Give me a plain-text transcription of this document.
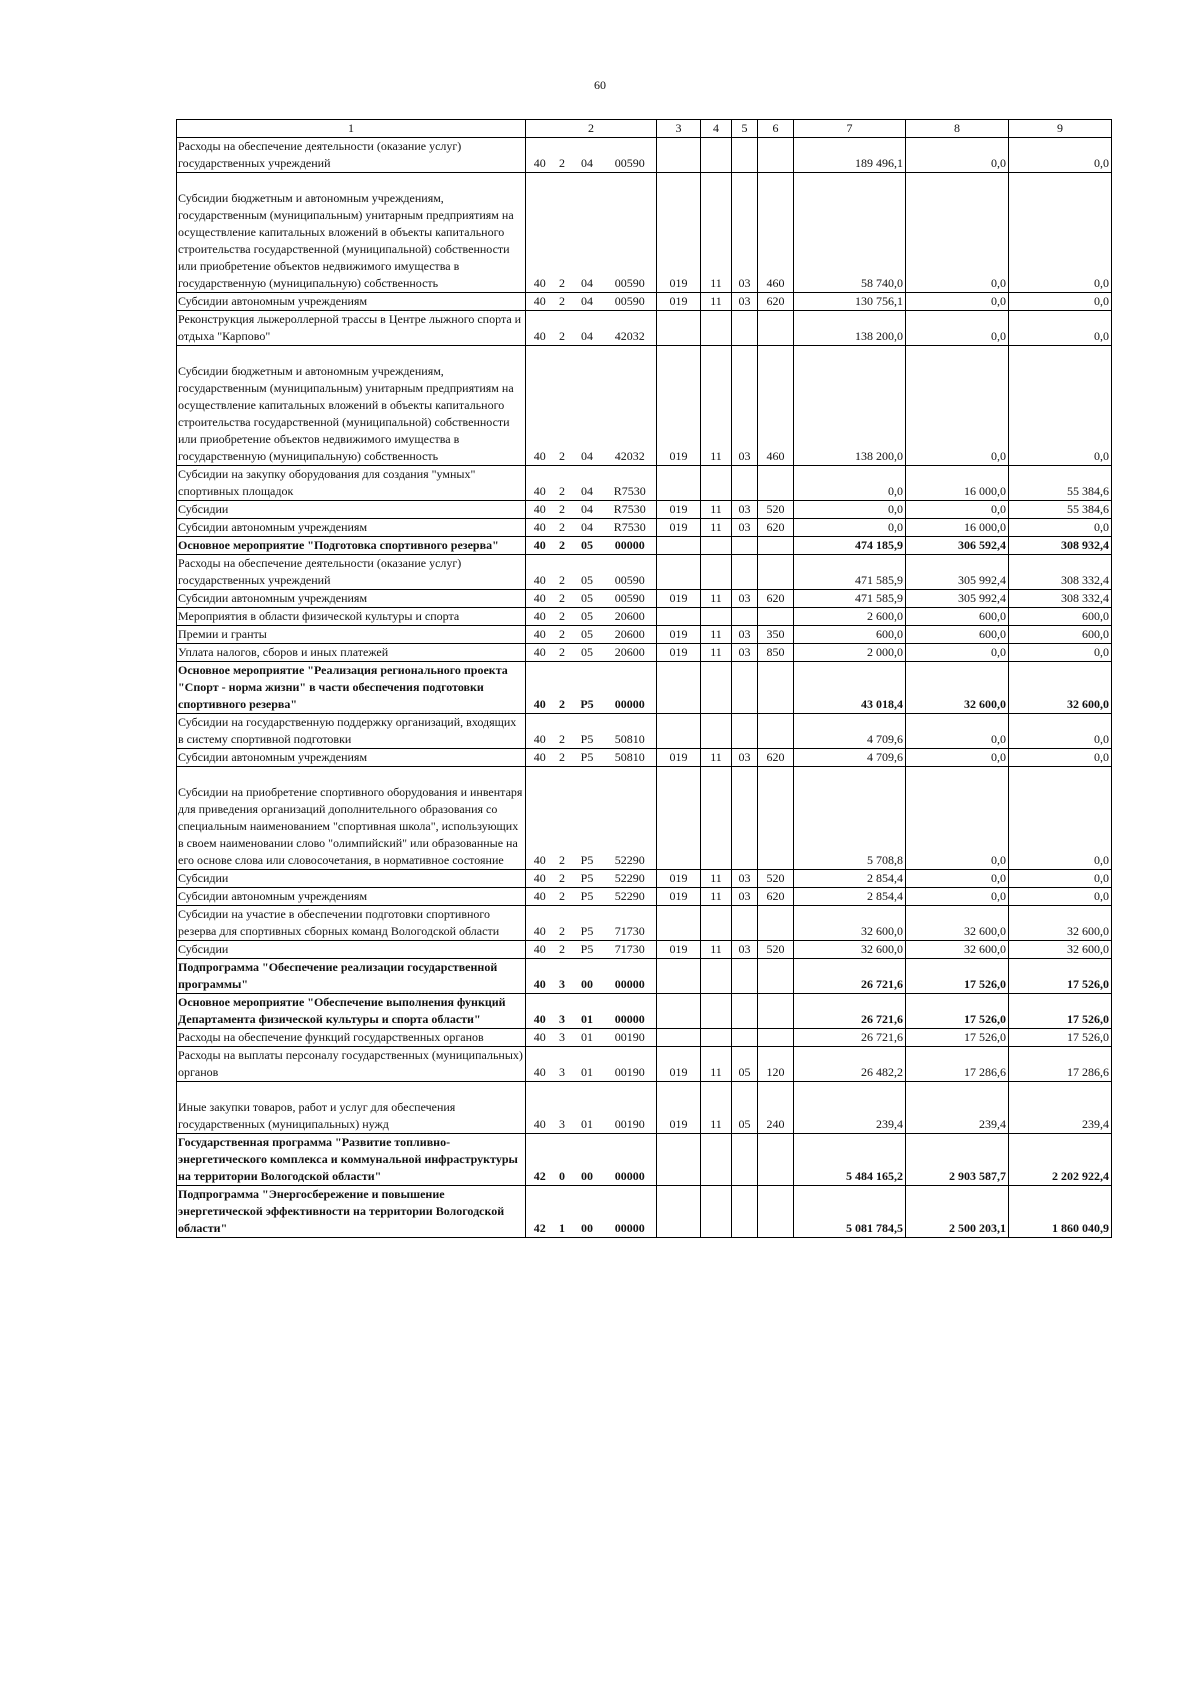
60
1	2				3	4	5	6	7	8	9
Расходы на обеспечение деятельности (оказание услуг) государственных учреждений	40	2	04	00590					189 496,1	0,0	0,0
Субсидии бюджетным и автономным учреждениям, государственным (муниципальным) унитарным предприятиям на осуществление капитальных вложений в объекты капитального строительства государственной (муниципальной) собственности или приобретение объектов недвижимого имущества в государственную (муниципальную) собственность	40	2	04	00590	019	11	03	460	58 740,0	0,0	0,0
Субсидии автономным учреждениям	40	2	04	00590	019	11	03	620	130 756,1	0,0	0,0
Реконструкция лыжероллерной трассы в Центре лыжного спорта и отдыха "Карпово"	40	2	04	42032					138 200,0	0,0	0,0
Субсидии бюджетным и автономным учреждениям, государственным (муниципальным) унитарным предприятиям на осуществление капитальных вложений в объекты капитального строительства государственной (муниципальной) собственности или приобретение объектов недвижимого имущества в государственную (муниципальную) собственность	40	2	04	42032	019	11	03	460	138 200,0	0,0	0,0
Субсидии на закупку оборудования для создания "умных" спортивных площадок	40	2	04	R7530					0,0	16 000,0	55 384,6
Субсидии	40	2	04	R7530	019	11	03	520	0,0	0,0	55 384,6
Субсидии автономным учреждениям	40	2	04	R7530	019	11	03	620	0,0	16 000,0	0,0
Основное мероприятие "Подготовка спортивного резерва"	40	2	05	00000					474 185,9	306 592,4	308 932,4
Расходы на обеспечение деятельности (оказание услуг) государственных учреждений	40	2	05	00590					471 585,9	305 992,4	308 332,4
Субсидии автономным учреждениям	40	2	05	00590	019	11	03	620	471 585,9	305 992,4	308 332,4
Мероприятия в области физической культуры и спорта	40	2	05	20600					2 600,0	600,0	600,0
Премии и гранты	40	2	05	20600	019	11	03	350	600,0	600,0	600,0
Уплата налогов, сборов и иных платежей	40	2	05	20600	019	11	03	850	2 000,0	0,0	0,0
Основное мероприятие "Реализация регионального проекта "Спорт - норма жизни" в части обеспечения подготовки спортивного резерва"	40	2	P5	00000					43 018,4	32 600,0	32 600,0
Субсидии на государственную поддержку организаций, входящих в систему спортивной подготовки	40	2	P5	50810					4 709,6	0,0	0,0
Субсидии автономным учреждениям	40	2	P5	50810	019	11	03	620	4 709,6	0,0	0,0
Субсидии на приобретение спортивного оборудования и инвентаря для приведения организаций дополнительного образования со специальным наименованием "спортивная школа", использующих в своем наименовании слово "олимпийский" или образованные на его основе слова или словосочетания, в нормативное состояние	40	2	P5	52290					5 708,8	0,0	0,0
Субсидии	40	2	P5	52290	019	11	03	520	2 854,4	0,0	0,0
Субсидии автономным учреждениям	40	2	P5	52290	019	11	03	620	2 854,4	0,0	0,0
Субсидии на участие в обеспечении подготовки спортивного резерва для спортивных сборных команд Вологодской области	40	2	P5	71730					32 600,0	32 600,0	32 600,0
Субсидии	40	2	P5	71730	019	11	03	520	32 600,0	32 600,0	32 600,0
Подпрограмма "Обеспечение реализации государственной программы"	40	3	00	00000					26 721,6	17 526,0	17 526,0
Основное мероприятие "Обеспечение выполнения функций Департамента физической культуры и спорта области"	40	3	01	00000					26 721,6	17 526,0	17 526,0
Расходы на обеспечение функций государственных органов	40	3	01	00190					26 721,6	17 526,0	17 526,0
Расходы на выплаты персоналу государственных (муниципальных) органов	40	3	01	00190	019	11	05	120	26 482,2	17 286,6	17 286,6
Иные закупки товаров, работ и услуг для обеспечения государственных (муниципальных) нужд	40	3	01	00190	019	11	05	240	239,4	239,4	239,4
Государственная программа "Развитие топливно-энергетического комплекса и коммунальной инфраструктуры на территории Вологодской области"	42	0	00	00000					5 484 165,2	2 903 587,7	2 202 922,4
Подпрограмма "Энергосбережение и повышение энергетической эффективности на территории Вологодской области"	42	1	00	00000					5 081 784,5	2 500 203,1	1 860 040,9
